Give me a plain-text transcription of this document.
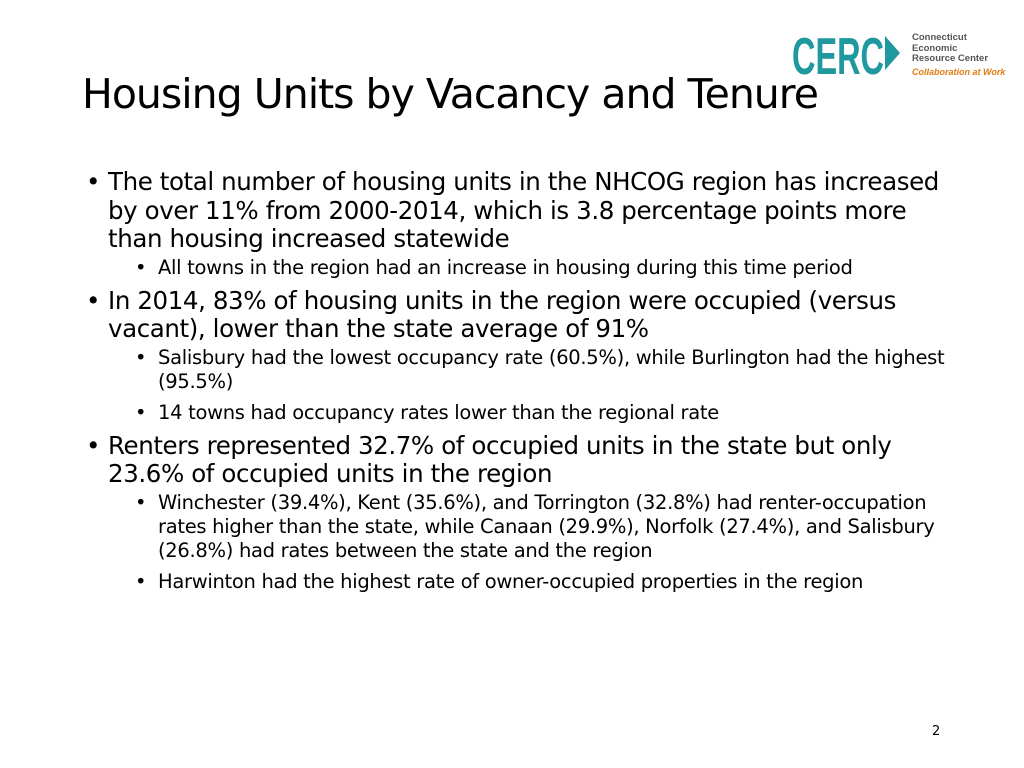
Housing Units by Vacancy and Tenure
CERC	Connecticut
Economic
Resource Center
Collaboration at Work
• The total number of housing units in the NHCOG region has increased by over 11% from 2000-2014, which is 3.8 percentage points more than housing increased statewide
• All towns in the region had an increase in housing during this time period
• In 2014, 83% of housing units in the region were occupied (versus vacant), lower than the state average of 91%
• Salisbury had the lowest occupancy rate (60.5%), while Burlington had the highest (95.5%)
• 14 towns had occupancy rates lower than the regional rate
• Renters represented 32.7% of occupied units in the state but only 23.6% of occupied units in the region
• Winchester (39.4%), Kent (35.6%), and Torrington (32.8%) had renter-occupation rates higher than the state, while Canaan (29.9%), Norfolk (27.4%), and Salisbury (26.8%) had rates between the state and the region
• Harwinton had the highest rate of owner-occupied properties in the region
2
